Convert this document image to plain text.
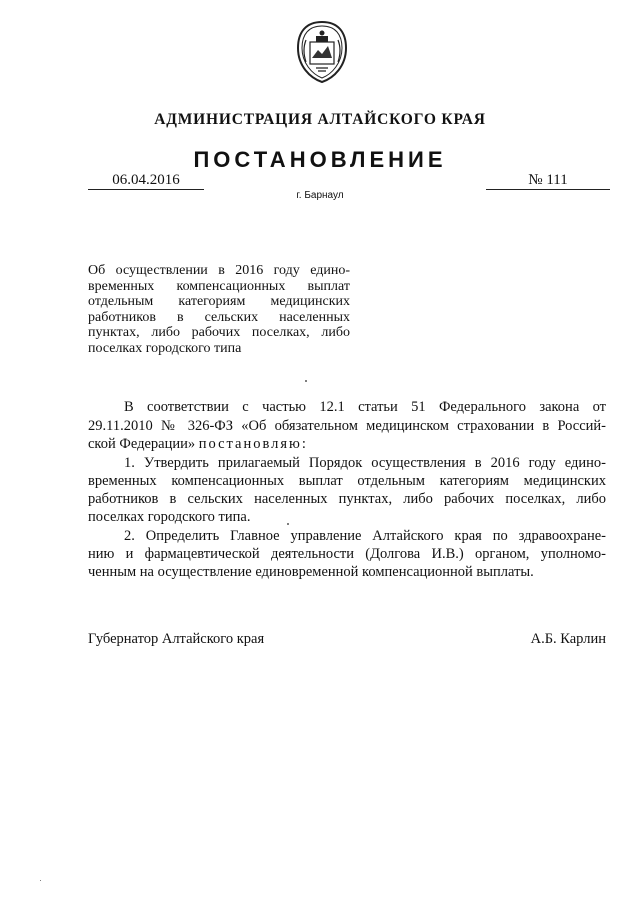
АДМИНИСТРАЦИЯ АЛТАЙСКОГО КРАЯ
ПОСТАНОВЛЕНИЕ
06.04.2016	№ 111
г. Барнаул
Об осуществлении в 2016 году едино-
временных компенсационных выплат
отдельным категориям медицинских
работников в сельских населенных
пунктах, либо рабочих поселках, либо
поселках городского типа
В соответствии с частью 12.1 статьи 51 Федерального закона от
29.11.2010 № 326-ФЗ «Об обязательном медицинском страховании в Россий-
ской Федерации» постановляю:
1. Утвердить прилагаемый Порядок осуществления в 2016 году едино-
временных компенсационных выплат отдельным категориям медицинских
работников в сельских населенных пунктах, либо рабочих поселках, либо
поселках городского типа.
2. Определить Главное управление Алтайского края по здравоохране-
нию и фармацевтической деятельности (Долгова И.В.) органом, уполномо-
ченным на осуществление единовременной компенсационной выплаты.
Губернатор Алтайского края	А.Б. Карлин
